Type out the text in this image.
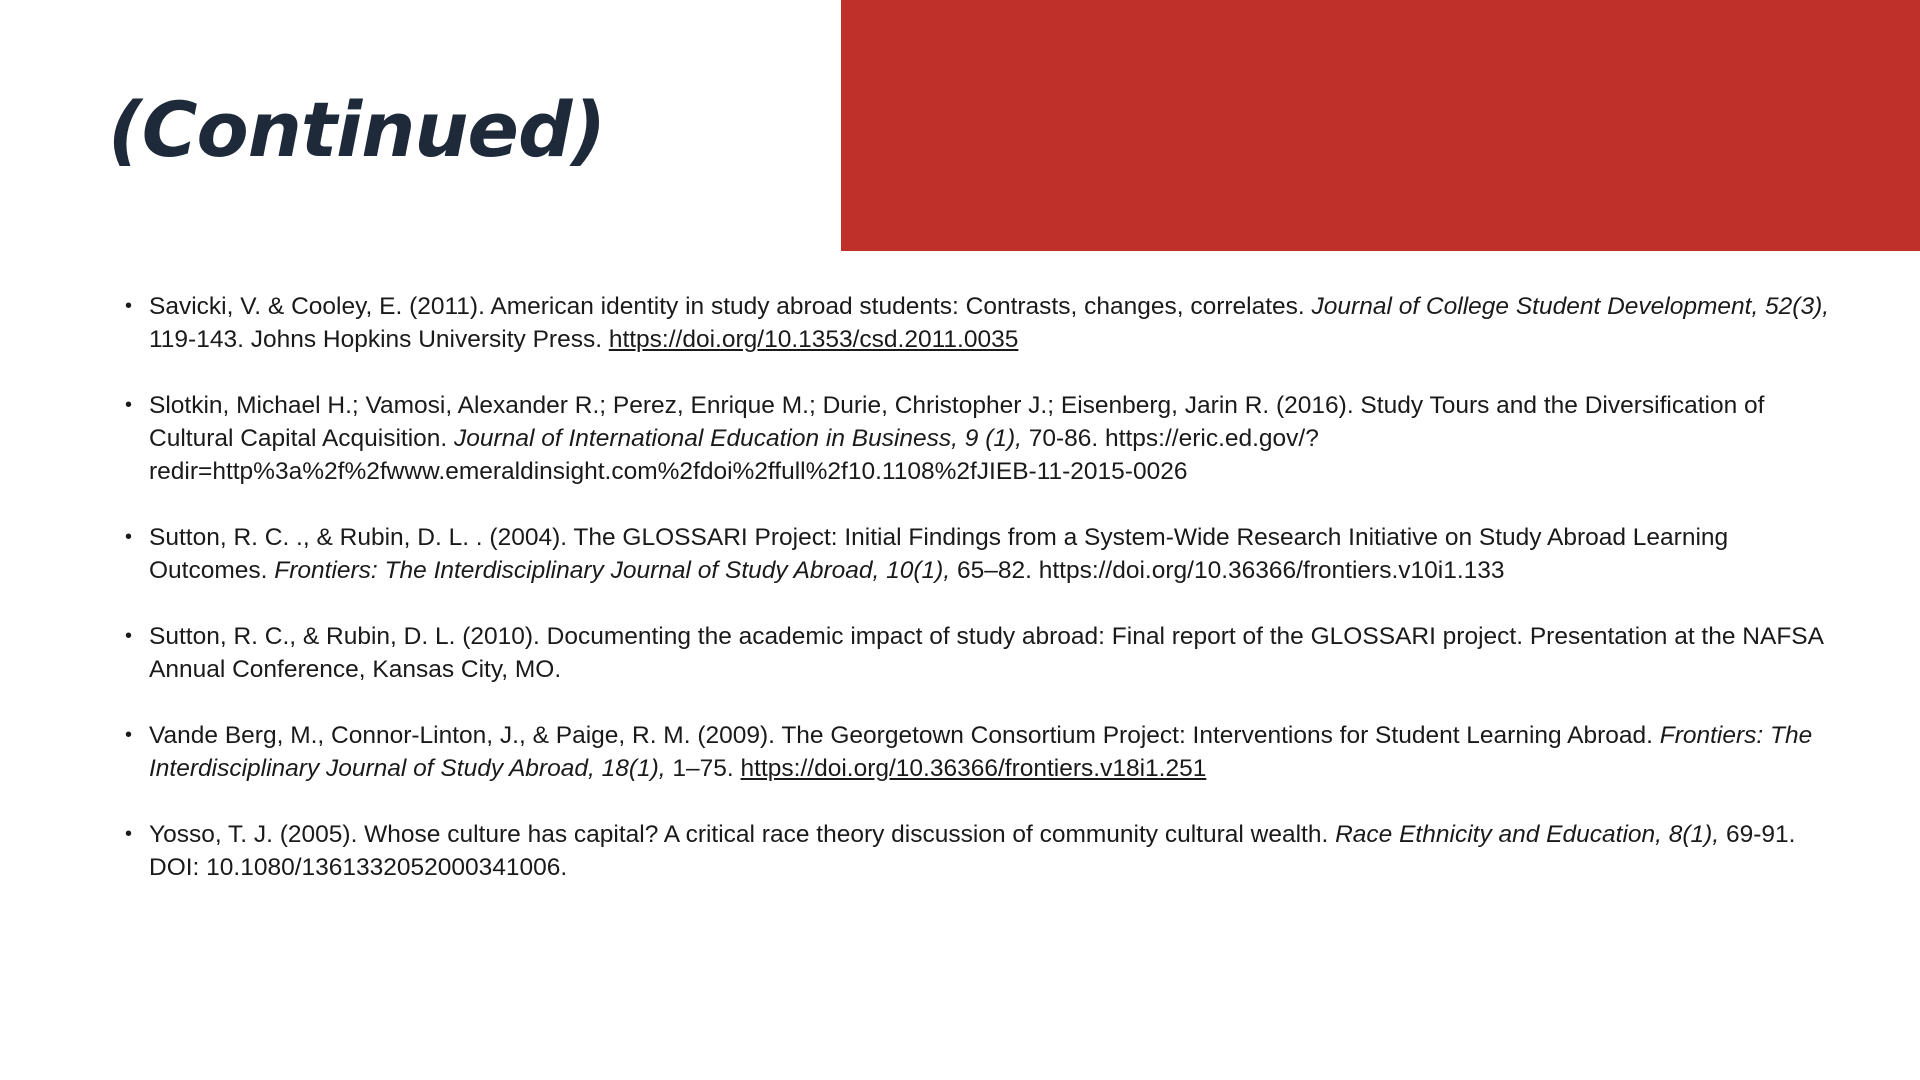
(Continued)
• Savicki, V. & Cooley, E. (2011). American identity in study abroad students: Contrasts, changes, correlates. Journal of College Student Development, 52(3), 119-143. Johns Hopkins University Press. https://doi.org/10.1353/csd.2011.0035
• Slotkin, Michael H.; Vamosi, Alexander R.; Perez, Enrique M.; Durie, Christopher J.; Eisenberg, Jarin R. (2016). Study Tours and the Diversification of Cultural Capital Acquisition. Journal of International Education in Business, 9 (1), 70-86. https://eric.ed.gov/?redir=http%3a%2f%2fwww.emeraldinsight.com%2fdoi%2ffull%2f10.1108%2fJIEB-11-2015-0026
• Sutton, R. C. ., & Rubin, D. L. . (2004). The GLOSSARI Project: Initial Findings from a System-Wide Research Initiative on Study Abroad Learning Outcomes. Frontiers: The Interdisciplinary Journal of Study Abroad, 10(1), 65–82. https://doi.org/10.36366/frontiers.v10i1.133
• Sutton, R. C., & Rubin, D. L. (2010). Documenting the academic impact of study abroad: Final report of the GLOSSARI project. Presentation at the NAFSA Annual Conference, Kansas City, MO.
• Vande Berg, M., Connor-Linton, J., & Paige, R. M. (2009). The Georgetown Consortium Project: Interventions for Student Learning Abroad. Frontiers: The Interdisciplinary Journal of Study Abroad, 18(1), 1–75. https://doi.org/10.36366/frontiers.v18i1.251
• Yosso, T. J. (2005). Whose culture has capital? A critical race theory discussion of community cultural wealth. Race Ethnicity and Education, 8(1), 69-91. DOI: 10.1080/1361332052000341006.
